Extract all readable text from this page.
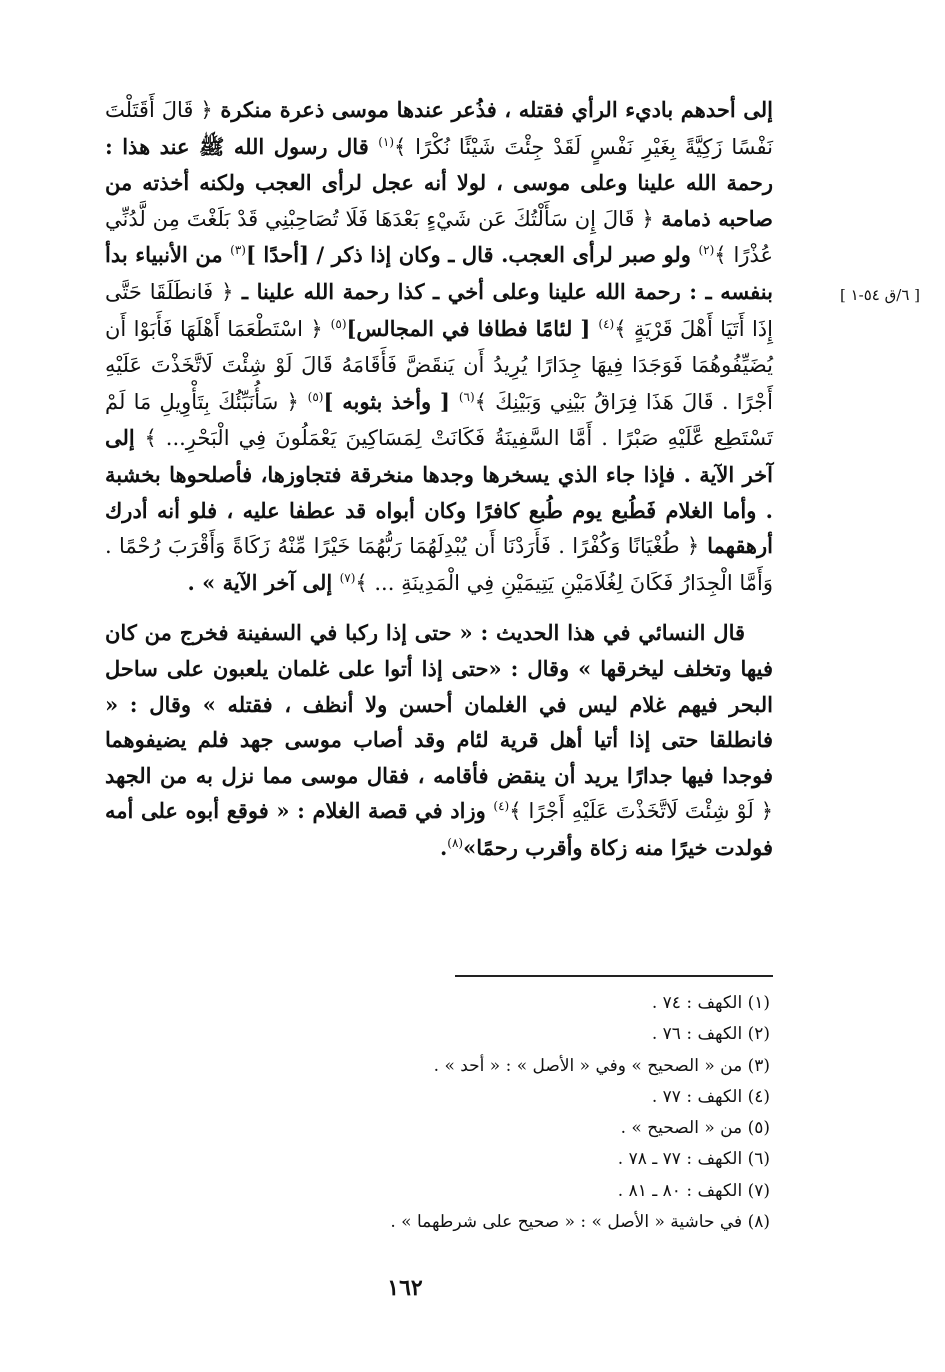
[ ٦/ق ٥٤-١ ]

إلى أحدهم باديء الرأي فقتله ، فذُعر عندها موسى ذعرة منكرة ﴿ قَالَ أَقَتَلْتَ نَفْسًا زَكِيَّةً بِغَيْرِ نَفْسٍ لَقَدْ جِئْتَ شَيْئًا نُكْرًا ﴾$^{(١)}$ قال رسول الله ﷺ عند هذا : رحمة الله علينا وعلى موسى ، لولا أنه عجل لرأى العجب ولكنه أخذته من صاحبه ذمامة ﴿ قَالَ إِن سَأَلْتُكَ عَن شَيْءٍ بَعْدَهَا فَلَا تُصَاحِبْنِي قَدْ بَلَغْتَ مِن لَّدُنِّي عُذْرًا ﴾$^{(٢)}$ ولو صبر لرأى العجب. قال ـ وكان إذا ذكر / [أحدًا ]$^{(٣)}$ من الأنبياء بدأ بنفسه ـ : رحمة الله علينا وعلى أخي ـ كذا رحمة الله علينا ـ ﴿ فَانطَلَقَا حَتَّى إِذَا أَتَيَا أَهْلَ قَرْيَةٍ ﴾$^{(٤)}$ [ لئامًا فطافا في المجالس]$^{(٥)}$ ﴿ اسْتَطْعَمَا أَهْلَهَا فَأَبَوْا أَن يُضَيِّفُوهُمَا فَوَجَدَا فِيهَا جِدَارًا يُرِيدُ أَن يَنقَضَّ فَأَقَامَهُ قَالَ لَوْ شِئْتَ لَاتَّخَذْتَ عَلَيْهِ أَجْرًا . قَالَ هَذَا فِرَاقُ بَيْنِي وَبَيْنِكَ ﴾$^{(٦)}$ [ وأخذ بثوبه ]$^{(٥)}$ ﴿ سَأُنَبِّئُكَ بِتَأْوِيلِ مَا لَمْ تَسْتَطِع عَّلَيْهِ صَبْرًا . أَمَّا السَّفِينَةُ فَكَانَتْ لِمَسَاكِينَ يَعْمَلُونَ فِي الْبَحْرِ... ﴾ إلى آخر الآية . فإذا جاء الذي يسخرها وجدها منخرقة فتجاوزها، فأصلحوها بخشبة . وأما الغلام فَطُبع يوم طُبع كافرًا وكان أبواه قد عطفا عليه ، فلو أنه أدرك أرهقهما ﴿ طُغْيَانًا وَكُفْرًا . فَأَرَدْنَا أَن يُبْدِلَهُمَا رَبُّهُمَا خَيْرًا مِّنْهُ زَكَاةً وَأَقْرَبَ رُحْمًا . وَأَمَّا الْجِدَارُ فَكَانَ لِغُلَامَيْنِ يَتِيمَيْنِ فِي الْمَدِينَةِ ... ﴾$^{(٧)}$ إلى آخر الآية » .

قال النسائي في هذا الحديث : « حتى إذا ركبا في السفينة فخرج من كان فيها وتخلف ليخرقها » وقال : «حتى إذا أتوا على غلمان يلعبون على ساحل البحر فيهم غلام ليس في الغلمان أحسن ولا أنظف ، فقتله » وقال : « فانطلقا حتى إذا أتيا أهل قرية لئام وقد أصاب موسى جهد فلم يضيفوهما فوجدا فيها جدارًا يريد أن ينقض فأقامه ، فقال موسى مما نزل به من الجهد ﴿ لَوْ شِئْتَ لَاتَّخَذْتَ عَلَيْهِ أَجْرًا ﴾$^{(٤)}$ وزاد في قصة الغلام : « فوقع أبوه على أمه فولدت خيرًا منه زكاة وأقرب رحمًا»$^{(٨)}$.

(١) الكهف : ٧٤ .
(٢) الكهف : ٧٦ .
(٣) من « الصحيح » وفي « الأصل » : « أحد » .
(٤) الكهف : ٧٧ .
(٥) من « الصحيح » .
(٦) الكهف : ٧٧ ـ ٧٨ .
(٧) الكهف : ٨٠ ـ ٨١ .
(٨) في حاشية « الأصل » : « صحيح على شرطهما » .
١٦٢
